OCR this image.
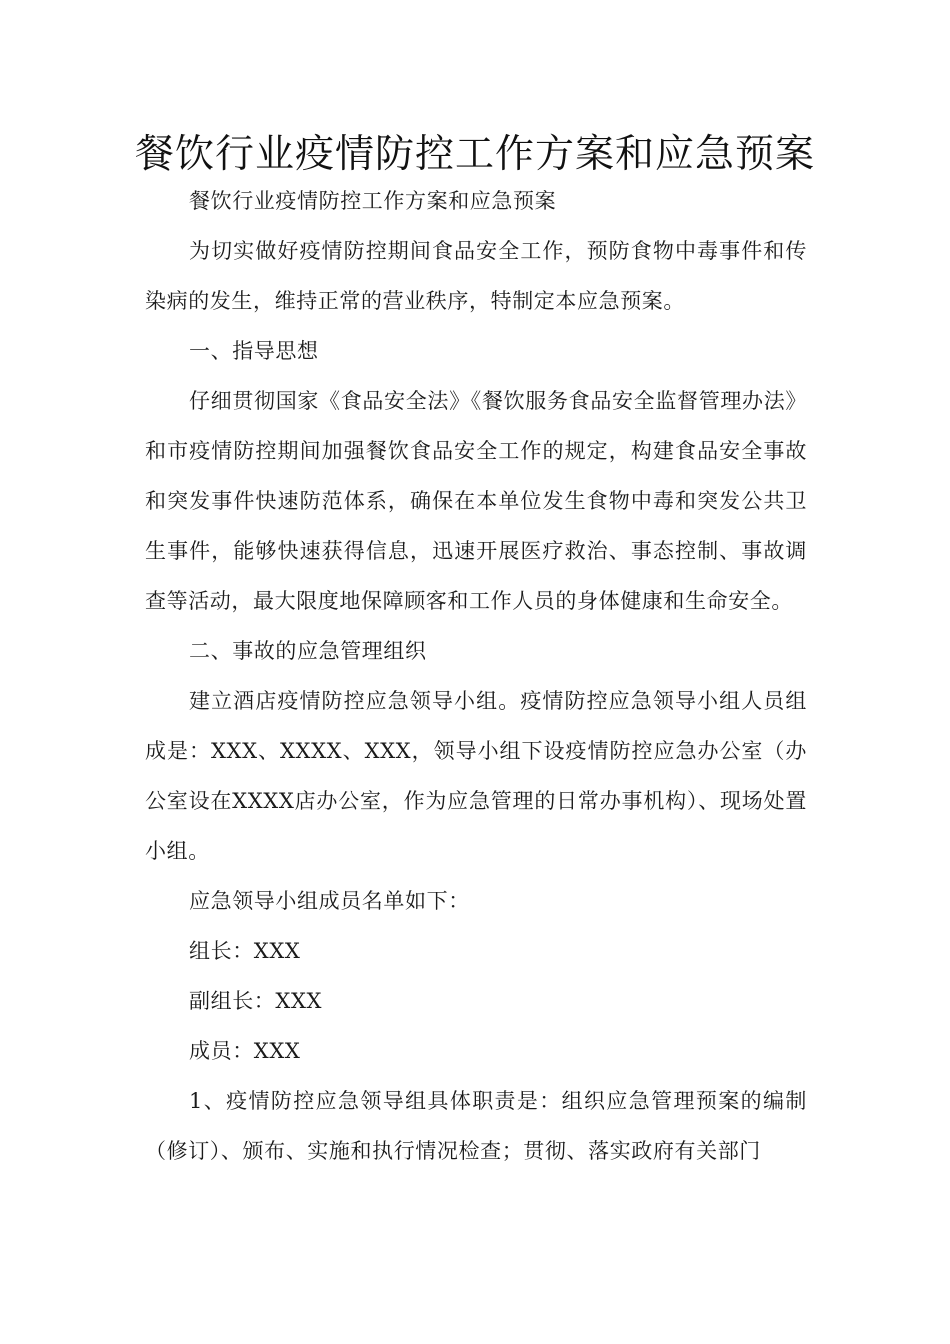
餐饮行业疫情防控工作方案和应急预案

餐饮行业疫情防控工作方案和应急预案

为切实做好疫情防控期间食品安全工作，预防食物中毒事件和传染病的发生，维持正常的营业秩序，特制定本应急预案。

一、指导思想

仔细贯彻国家《食品安全法》《餐饮服务食品安全监督管理办法》和市疫情防控期间加强餐饮食品安全工作的规定，构建食品安全事故和突发事件快速防范体系，确保在本单位发生食物中毒和突发公共卫生事件，能够快速获得信息，迅速开展医疗救治、事态控制、事故调查等活动，最大限度地保障顾客和工作人员的身体健康和生命安全。

二、事故的应急管理组织

建立酒店疫情防控应急领导小组。疫情防控应急领导小组人员组成是：XXX、XXXX、XXX，领导小组下设疫情防控应急办公室（办公室设在XXXX店办公室，作为应急管理的日常办事机构）、现场处置小组。

应急领导小组成员名单如下：

组长：XXX

副组长：XXX

成员：XXX

1、疫情防控应急领导组具体职责是：组织应急管理预案的编制（修订）、颁布、实施和执行情况检查；贯彻、落实政府有关部门
